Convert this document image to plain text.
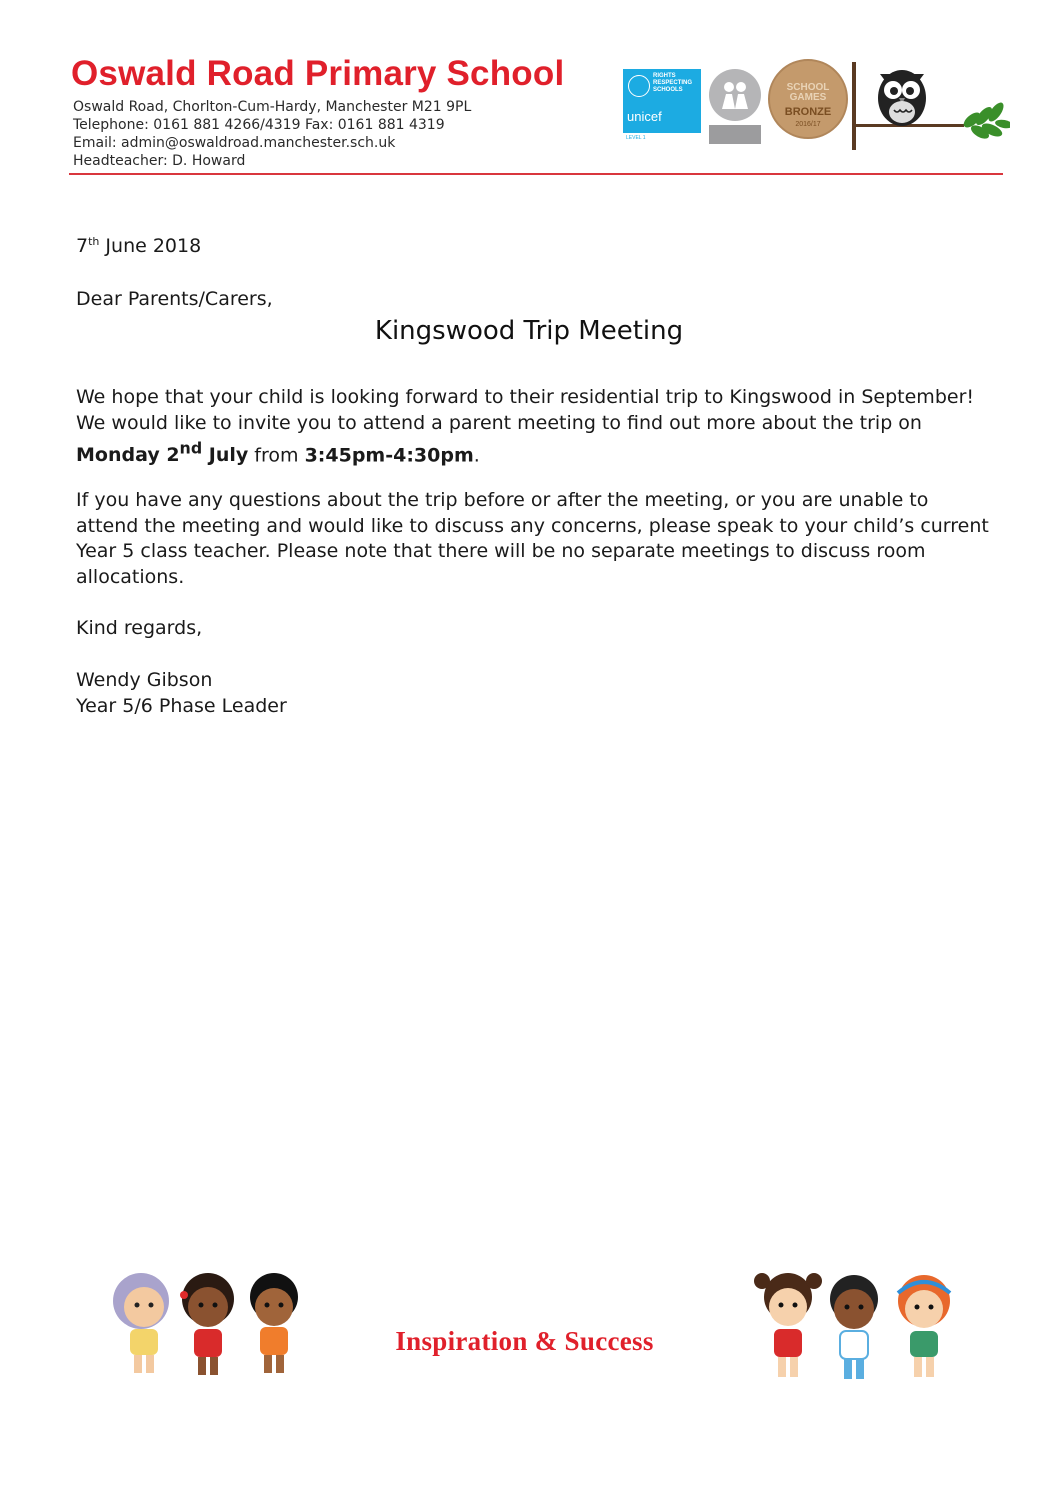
Oswald Road Primary School
Oswald Road, Chorlton-Cum-Hardy, Manchester M21 9PL
Telephone: 0161 881 4266/4319 Fax: 0161 881 4319
Email: admin@oswaldroad.manchester.sch.uk
Headteacher: D. Howard
RIGHTS RESPECTING SCHOOLS
unicef
LEVEL 1

SCHOOL GAMES
BRONZE
2016/17
7th June 2018
Dear Parents/Carers,
Kingswood Trip Meeting
We hope that your child is looking forward to their residential trip to Kingswood in September! We would like to invite you to attend a parent meeting to find out more about the trip on Monday 2nd July from 3:45pm-4:30pm.
If you have any questions about the trip before or after the meeting, or you are unable to attend the meeting and would like to discuss any concerns, please speak to your child’s current Year 5 class teacher. Please note that there will be no separate meetings to discuss room allocations.
Kind regards,
Wendy Gibson
Year 5/6 Phase Leader
Inspiration & Success
